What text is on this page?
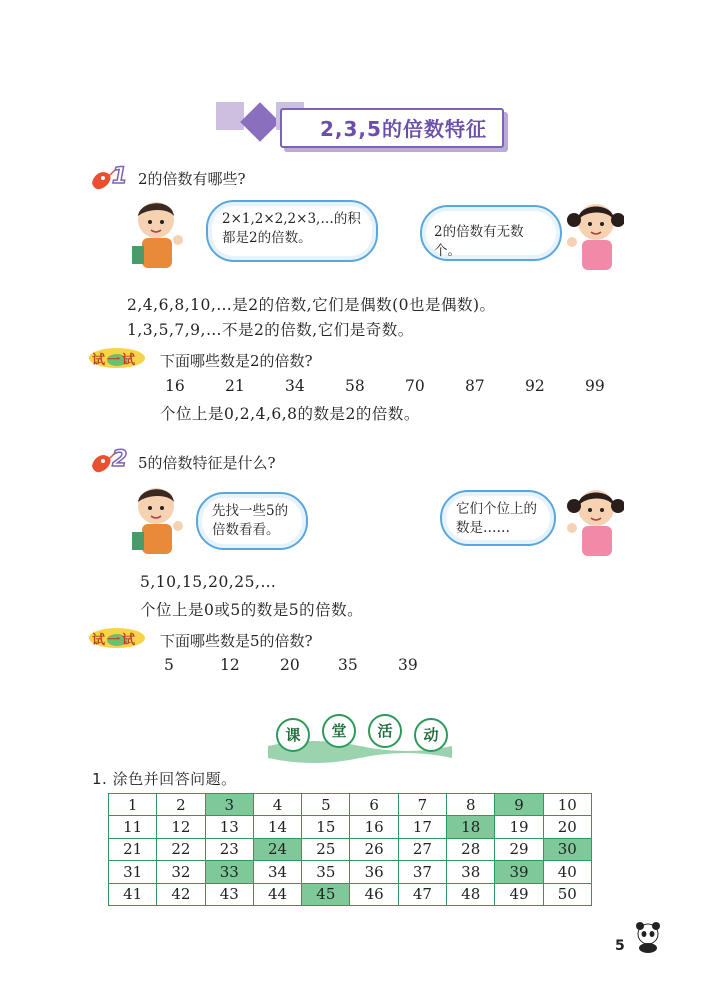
2,3,5的倍数特征
1 2的倍数有哪些?
2×1,2×2,2×3,…的积
都是2的倍数。	2的倍数有无数个。
2,4,6,8,10,…是2的倍数,它们是偶数(0也是偶数)。
1,3,5,7,9,…不是2的倍数,它们是奇数。
试一试 下面哪些数是2的倍数?
16	21	34	58	70	87	92	99
个位上是0,2,4,6,8的数是2的倍数。
2 5的倍数特征是什么?
先找一些5的
倍数看看。
它们个位上的
数是……
5,10,15,20,25,…
个位上是0或5的数是5的倍数。
试一试 下面哪些数是5的倍数?
5	12	20 35	39
课	堂	活	动
1. 涂色并回答问题。
1	2	3	4	5	6	7	8	9	10
11	12	13	14	15	16	17	18	19	20
21	22	23	24	25	26	27	28	29	30
31	32	33	34	35	36	37	38	39	40
41	42	43	44	45	46	47	48	49	50
5
